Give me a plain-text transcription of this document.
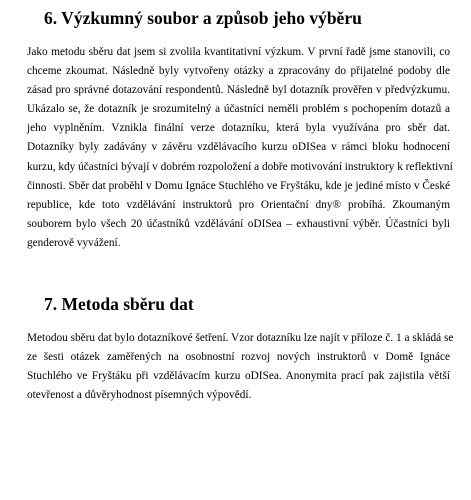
6. Výzkumný soubor a způsob jeho výběru
Jako metodu sběru dat jsem si zvolila kvantitativní výzkum. V první řadě jsme stanovili, co
chceme zkoumat. Následně byly vytvořeny otázky a zpracovány do přijatelné podoby dle
zásad pro správné dotazování respondentů. Následně byl dotazník prověřen v předvýzkumu.
Ukázalo se, že dotazník je srozumitelný a účastníci neměli problém s pochopením dotazů a
jeho vyplněním. Vznikla finální verze dotazníku, která byla využívána pro sběr dat.
Dotazníky byly zadávány v závěru vzdělávacího kurzu oDISea v rámci bloku hodnocení
kurzu, kdy účastníci bývají v dobrém rozpoložení a dobře motivování instruktory k reflektivní
činnosti. Sběr dat proběhl v Domu Ignáce Stuchlého ve Fryštáku, kde je jediné místo v České
republice, kde toto vzdělávání instruktorů pro Orientační dny® probíhá. Zkoumaným
souborem bylo všech 20 účastníků vzdělávání oDISea – exhaustivní výběr. Účastníci byli
genderově vyvážení.
7. Metoda sběru dat
Metodou sběru dat bylo dotazníkové šetření. Vzor dotazníku lze najít v příloze č. 1 a skládá se
ze šesti otázek zaměřených na osobnostní rozvoj nových instruktorů v Domě Ignáce
Stuchlého ve Fryštáku při vzdělávacím kurzu oDISea. Anonymita prací pak zajistila větší
otevřenost a důvěryhodnost písemných výpovědí.
